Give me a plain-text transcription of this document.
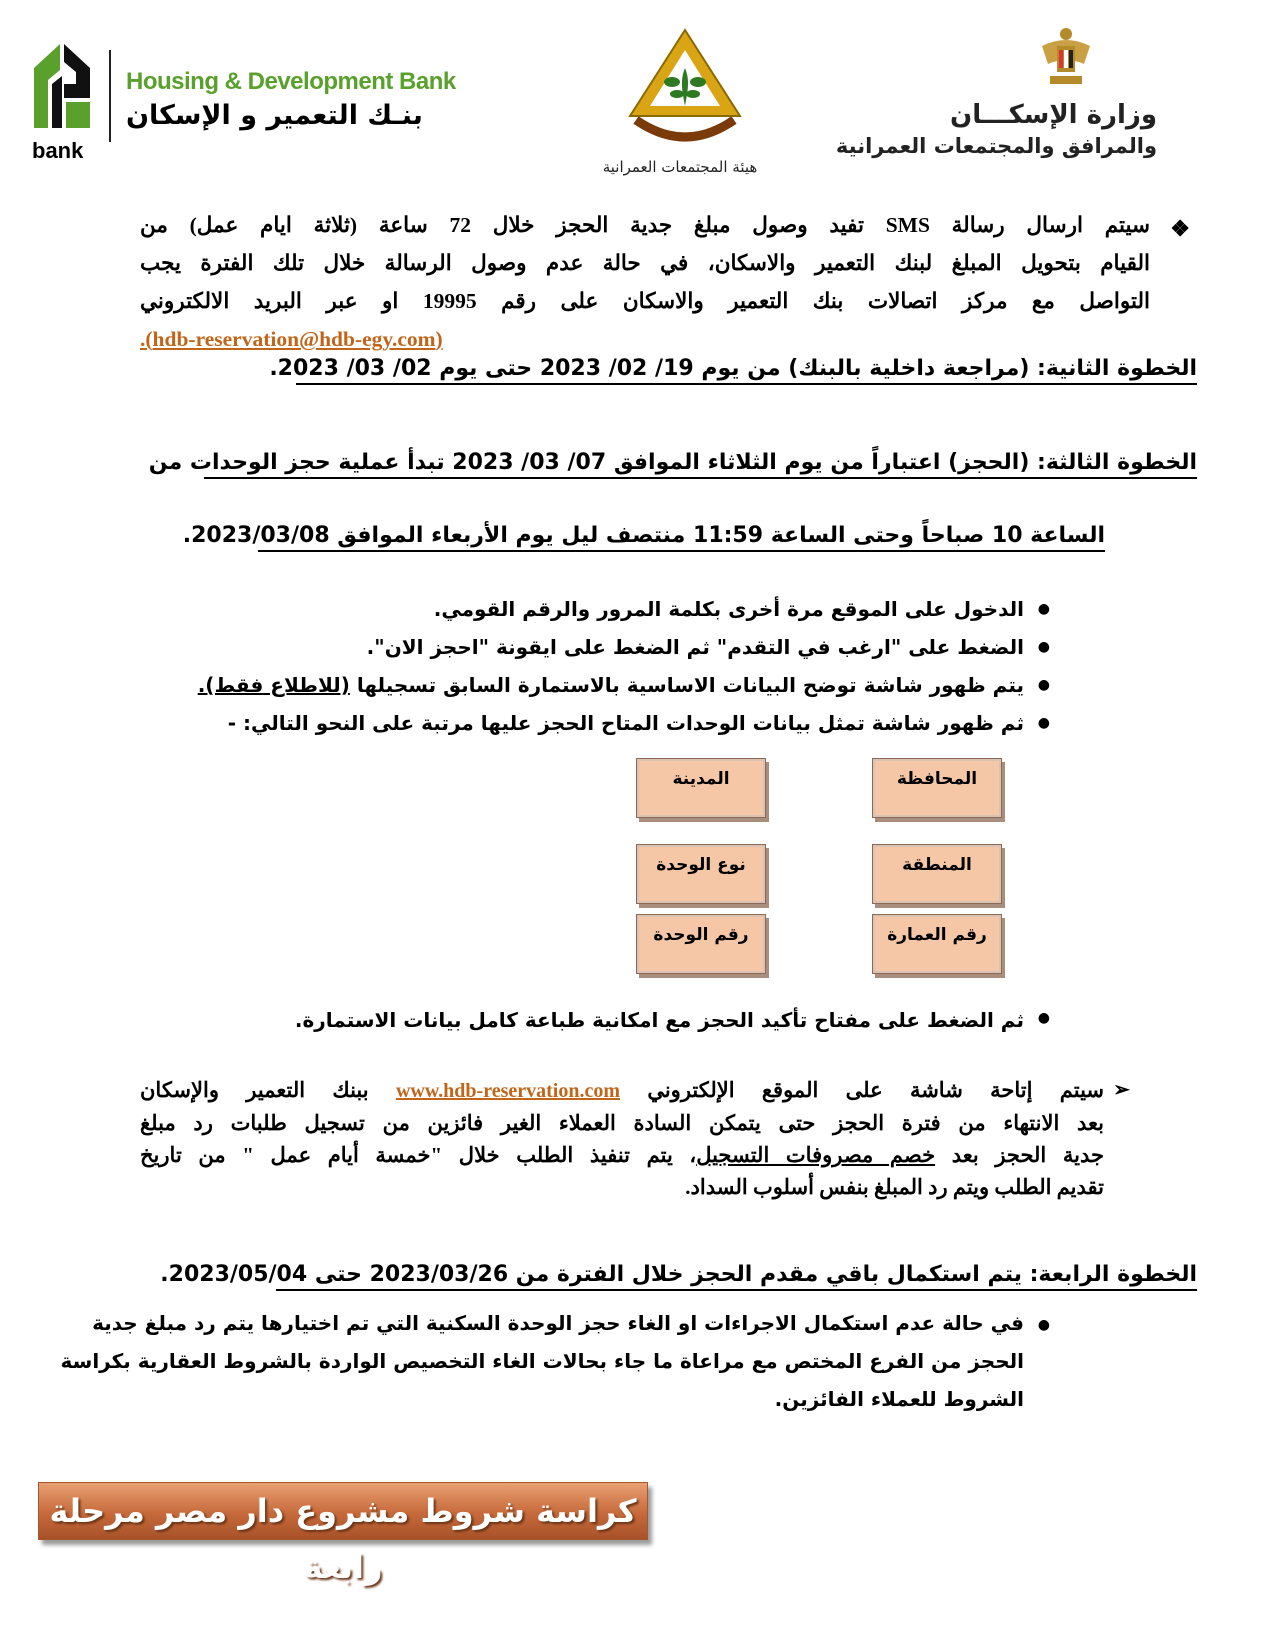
bank
Housing & Development Bank
بنـك التعمير و الإسكان
هيئة المجتمعات العمرانية
وزارة الإسكـــان
والمرافق والمجتمعات العمرانية
❖
سيتم ارسال رسالة SMS تفيد وصول مبلغ جدية الحجز خلال 72 ساعة (ثلاثة ايام عمل) من
القيام بتحويل المبلغ لبنك التعمير والاسكان، في حالة عدم وصول الرسالة خلال تلك الفترة يجب
التواصل مع مركز اتصالات بنك التعمير والاسكان على رقم 19995 او عبر البريد الالكتروني
(hdb-reservation@hdb-egy.com).
الخطوة الثانية: (مراجعة داخلية بالبنك) من يوم 19/ 02/ 2023 حتى يوم 02/ 03/ 2023.
الخطوة الثالثة: (الحجز) اعتباراً من يوم الثلاثاء الموافق 07/ 03/ 2023 تبدأ عملية حجز الوحدات من
الساعة 10 صباحاً وحتى الساعة 11:59 منتصف ليل يوم الأربعاء الموافق 2023/03/08.
● الدخول على الموقع مرة أخرى بكلمة المرور والرقم القومي.
● الضغط على "ارغب في التقدم" ثم الضغط على ايقونة "احجز الان".
● يتم ظهور شاشة توضح البيانات الاساسية بالاستمارة السابق تسجيلها (للاطلاع فقط).
● ثم ظهور شاشة تمثل بيانات الوحدات المتاح الحجز عليها مرتبة على النحو التالي: -
المحافظة
المدينة
المنطقة
نوع الوحدة
رقم العمارة
رقم الوحدة
● ثم الضغط على مفتاح تأكيد الحجز مع امكانية طباعة كامل بيانات الاستمارة.
➢
سيتم إتاحة شاشة على الموقع الإلكتروني www.hdb-reservation.com ببنك التعمير والإسكان
بعد الانتهاء من فترة الحجز حتى يتمكن السادة العملاء الغير فائزين من تسجيل طلبات رد مبلغ
جدية الحجز بعد خصم مصروفات التسجيل، يتم تنفيذ الطلب خلال "خمسة أيام عمل " من تاريخ
تقديم الطلب ويتم رد المبلغ بنفس أسلوب السداد.
الخطوة الرابعة: يتم استكمال باقي مقدم الحجز خلال الفترة من 2023/03/26 حتى 2023/05/04.
● في حالة عدم استكمال الاجراءات او الغاء حجز الوحدة السكنية التي تم اختيارها يتم رد مبلغ جدية
الحجز من الفرع المختص مع مراعاة ما جاء بحالات الغاء التخصيص الواردة بالشروط العقارية بكراسة
الشروط للعملاء الفائزين.
كراسة شروط مشروع دار مصر مرحلة رابعة
